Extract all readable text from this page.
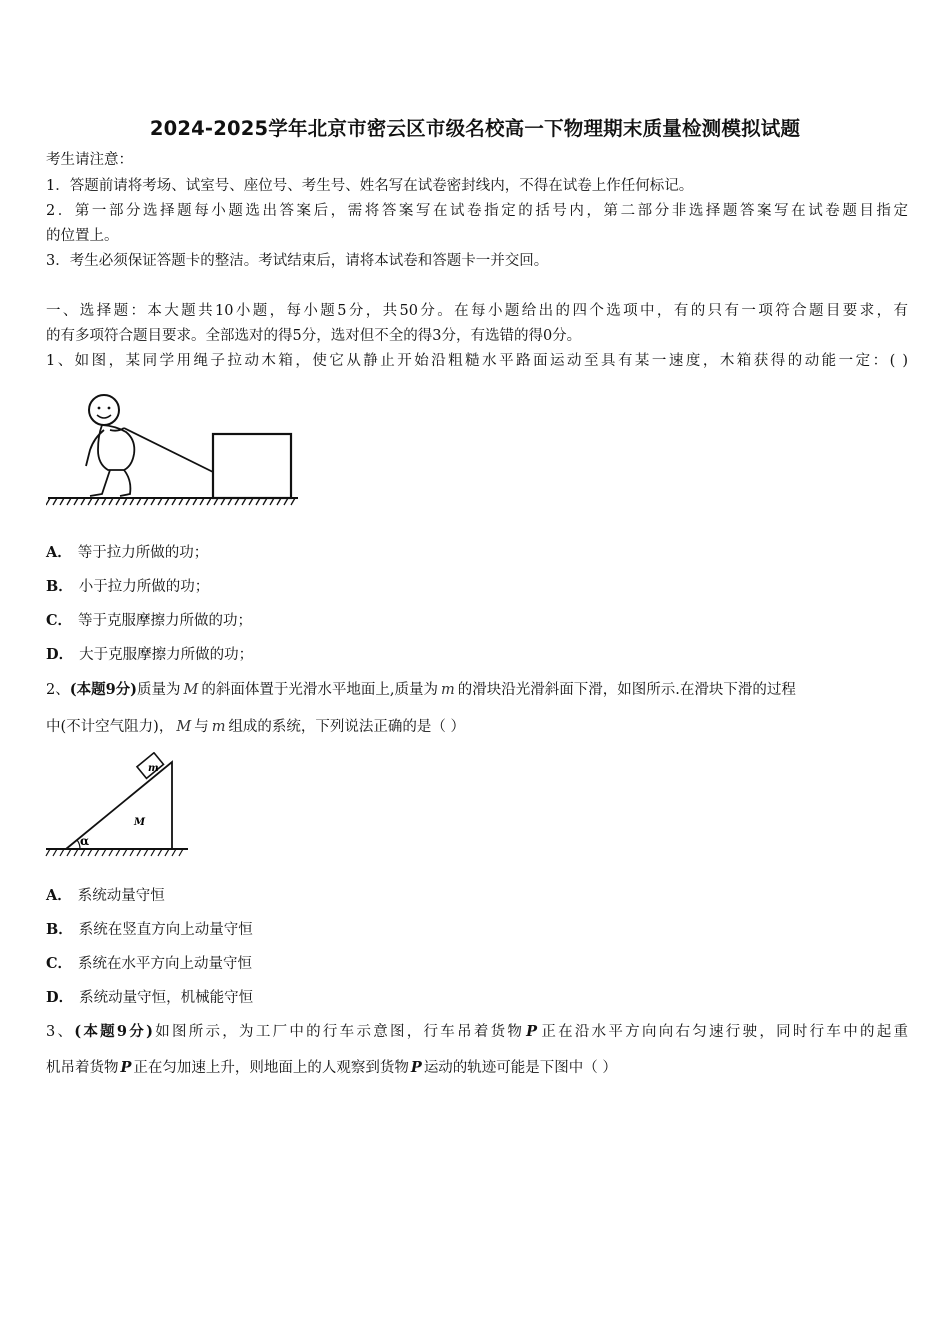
2024-2025学年北京市密云区市级名校高一下物理期末质量检测模拟试题
考生请注意：
1．答题前请将考场、试室号、座位号、考生号、姓名写在试卷密封线内，不得在试卷上作任何标记。
2．第一部分选择题每小题选出答案后，需将答案写在试卷指定的括号内，第二部分非选择题答案写在试卷题目指定
的位置上。
3．考生必须保证答题卡的整洁。考试结束后，请将本试卷和答题卡一并交回。
一、选择题：本大题共10小题，每小题5分，共50分。在每小题给出的四个选项中，有的只有一项符合题目要求，有
的有多项符合题目要求。全部选对的得5分，选对但不全的得3分，有选错的得0分。
1、如图，某同学用绳子拉动木箱，使它从静止开始沿粗糙水平路面运动至具有某一速度，木箱获得的动能一定：( )
A． 等于拉力所做的功；
B． 小于拉力所做的功；
C． 等于克服摩擦力所做的功；
D． 大于克服摩擦力所做的功；
2、(本题9分)质量为 M 的斜面体置于光滑水平地面上,质量为 m 的滑块沿光滑斜面下滑，如图所示.在滑块下滑的过程
中(不计空气阻力)， M 与 m 组成的系统，下列说法正确的是（ ）
α
m
M
A． 系统动量守恒
B． 系统在竖直方向上动量守恒
C． 系统在水平方向上动量守恒
D． 系统动量守恒，机械能守恒
3、(本题9分)如图所示，为工厂中的行车示意图，行车吊着货物 P 正在沿水平方向向右匀速行驶，同时行车中的起重
机吊着货物 P 正在匀加速上升，则地面上的人观察到货物 P 运动的轨迹可能是下图中（ ）
